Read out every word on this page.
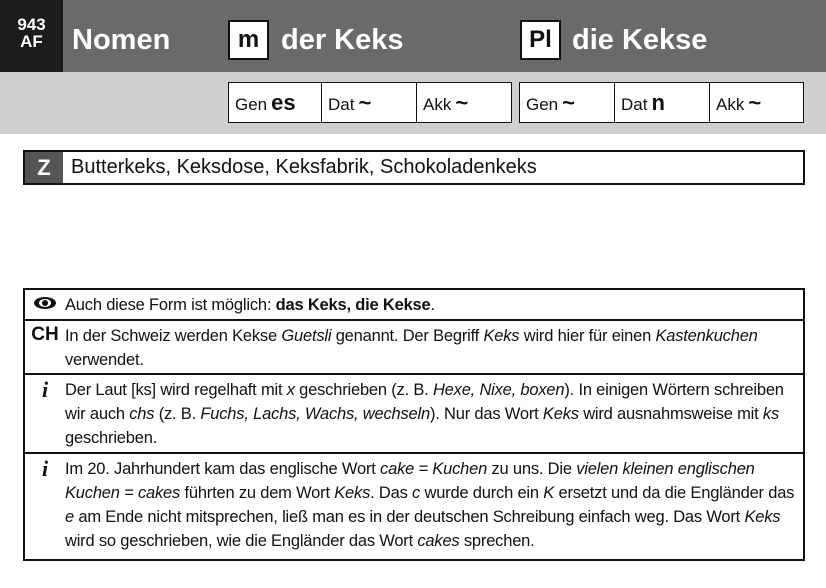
943
AF	Nomen	m der Keks	Pl die Kekse
Gen es	Dat ~	Akk ~	Gen ~	Dat n	Akk ~
Z	Butterkeks, Keksdose, Keksfabrik, Schokoladenkeks
Auch diese Form ist möglich: das Keks, die Kekse.
CH In der Schweiz werden Kekse Guetsli genannt. Der Begriff Keks wird hier für einen Kastenkuchen verwendet.
i	Der Laut [ks] wird regelhaft mit x geschrieben (z. B. Hexe, Nixe, boxen). In einigen Wörtern schreiben wir auch chs (z. B. Fuchs, Lachs, Wachs, wechseln). Nur das Wort Keks wird ausnahmsweise mit ks geschrieben.
i	Im 20. Jahrhundert kam das englische Wort cake = Kuchen zu uns. Die vielen kleinen englischen Kuchen = cakes führten zu dem Wort Keks. Das c wurde durch ein K ersetzt und da die Engländer das e am Ende nicht mitsprechen, ließ man es in der deutschen Schreibung einfach weg. Das Wort Keks wird so geschrieben, wie die Engländer das Wort cakes sprechen.
